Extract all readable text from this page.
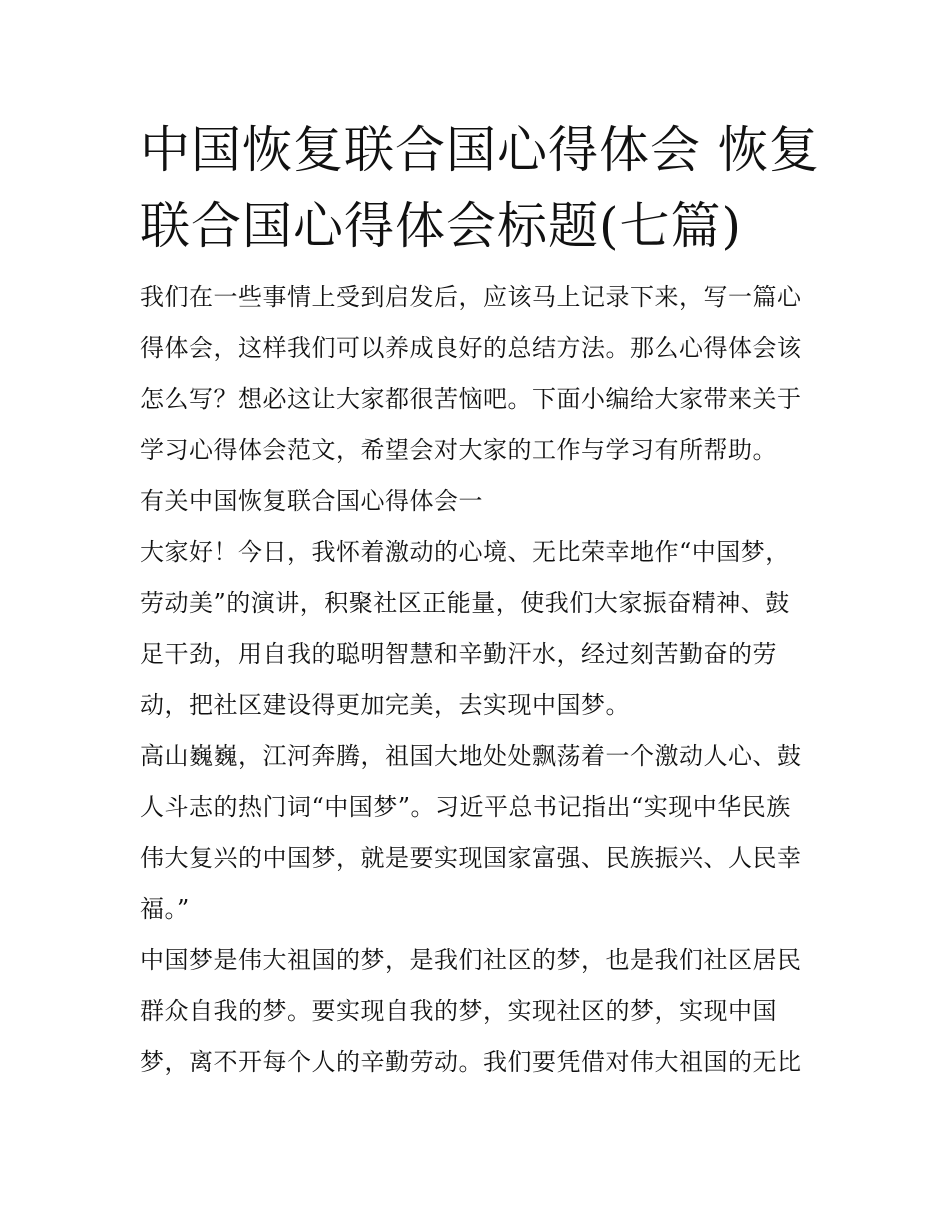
中国恢复联合国心得体会 恢复
联合国心得体会标题(七篇)
我们在一些事情上受到启发后，应该马上记录下来，写一篇心
得体会，这样我们可以养成良好的总结方法。那么心得体会该
怎么写？想必这让大家都很苦恼吧。下面小编给大家带来关于
学习心得体会范文，希望会对大家的工作与学习有所帮助。
有关中国恢复联合国心得体会一
大家好！今日，我怀着激动的心境、无比荣幸地作“中国梦，
劳动美”的演讲，积聚社区正能量，使我们大家振奋精神、鼓
足干劲，用自我的聪明智慧和辛勤汗水，经过刻苦勤奋的劳
动，把社区建设得更加完美，去实现中国梦。
高山巍巍，江河奔腾，祖国大地处处飘荡着一个激动人心、鼓
人斗志的热门词“中国梦”。习近平总书记指出“实现中华民族
伟大复兴的中国梦，就是要实现国家富强、民族振兴、人民幸
福。”
中国梦是伟大祖国的梦，是我们社区的梦，也是我们社区居民
群众自我的梦。要实现自我的梦，实现社区的梦，实现中国
梦，离不开每个人的辛勤劳动。我们要凭借对伟大祖国的无比
